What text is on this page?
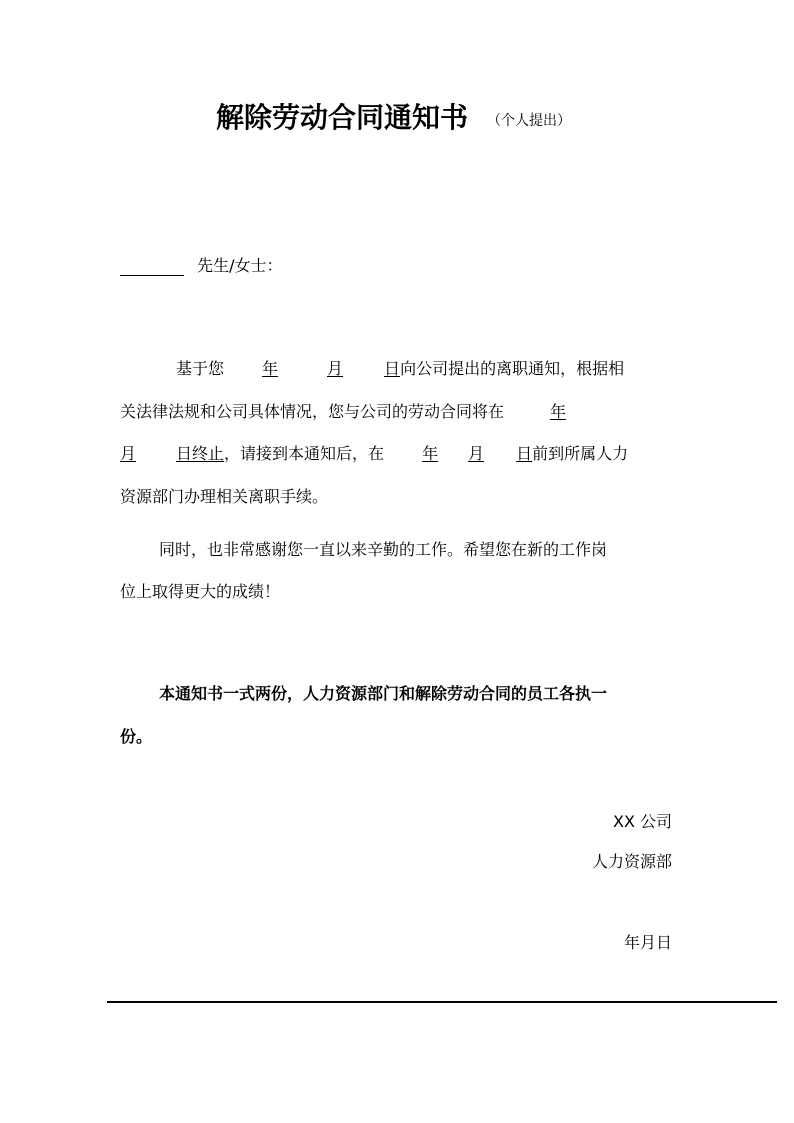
解除劳动合同通知书 （个人提出）
先生/女士：
基于您 年	月	日向公司提出的离职通知，根据相
关法律法规和公司具体情况，您与公司的劳动合同将在	年
月	日终止，请接到本通知后，在 年 月 日前到所属人力
资源部门办理相关离职手续。
同时，也非常感谢您一直以来辛勤的工作。希望您在新的工作岗
位上取得更大的成绩！
本通知书一式两份，人力资源部门和解除劳动合同的员工各执一
份。
XX 公司
人力资源部
年月日
